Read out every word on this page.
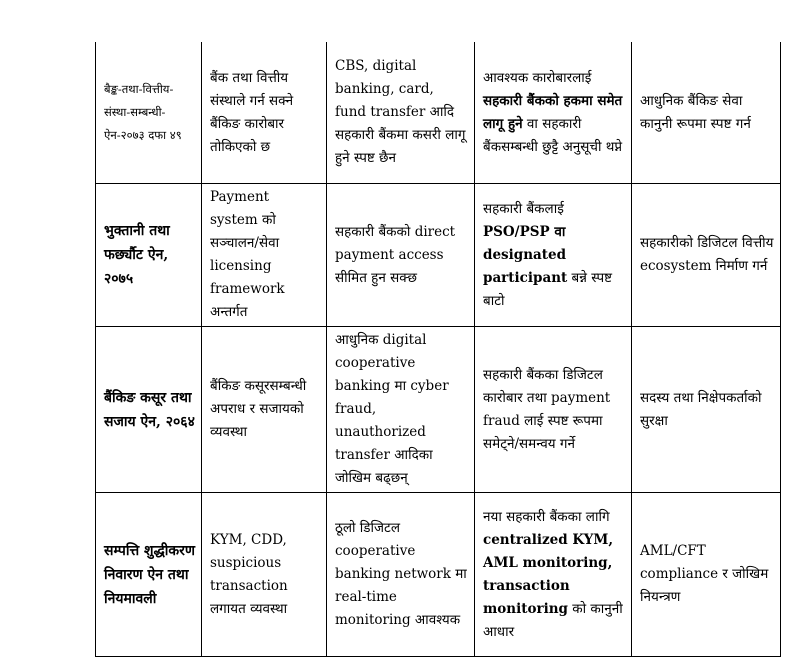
बैङ्क-तथा-वित्तीय-संस्था-सम्बन्धी-ऐन-२०७३ दफा ४९	बैंक तथा वित्तीय संस्थाले गर्न सक्ने बैंकिङ कारोबार तोकिएको छ	CBS, digital banking, card, fund transfer आदि सहकारी बैंकमा कसरी लागू हुने स्पष्ट छैन	आवश्यक कारोबारलाई सहकारी बैंकको हकमा समेत लागू हुने वा सहकारी बैंकसम्बन्धी छुट्टै अनुसूची थप्ने	आधुनिक बैंकिङ सेवा कानुनी रूपमा स्पष्ट गर्न

भुक्तानी तथा फर्छ्यौट ऐन, २०७५	Payment system को सञ्चालन/सेवा licensing framework अन्तर्गत	सहकारी बैंकको direct payment access सीमित हुन सक्छ	सहकारी बैंकलाई PSO/PSP वा designated participant बन्ने स्पष्ट बाटो	सहकारीको डिजिटल वित्तीय ecosystem निर्माण गर्न

बैंकिङ कसूर तथा सजाय ऐन, २०६४	बैंकिङ कसूरसम्बन्धी अपराध र सजायको व्यवस्था	आधुनिक digital cooperative banking मा cyber fraud, unauthorized transfer आदिका जोखिम बढ्छन्	सहकारी बैंकका डिजिटल कारोबार तथा payment fraud लाई स्पष्ट रूपमा समेट्ने/समन्वय गर्ने	सदस्य तथा निक्षेपकर्ताको सुरक्षा

सम्पत्ति शुद्धीकरण निवारण ऐन तथा नियमावली	KYM, CDD, suspicious transaction लगायत व्यवस्था	ठूलो डिजिटल cooperative banking network मा real-time monitoring आवश्यक	नया सहकारी बैंकका लागि centralized KYM, AML monitoring, transaction monitoring को कानुनी आधार	AML/CFT compliance र जोखिम नियन्त्रण
